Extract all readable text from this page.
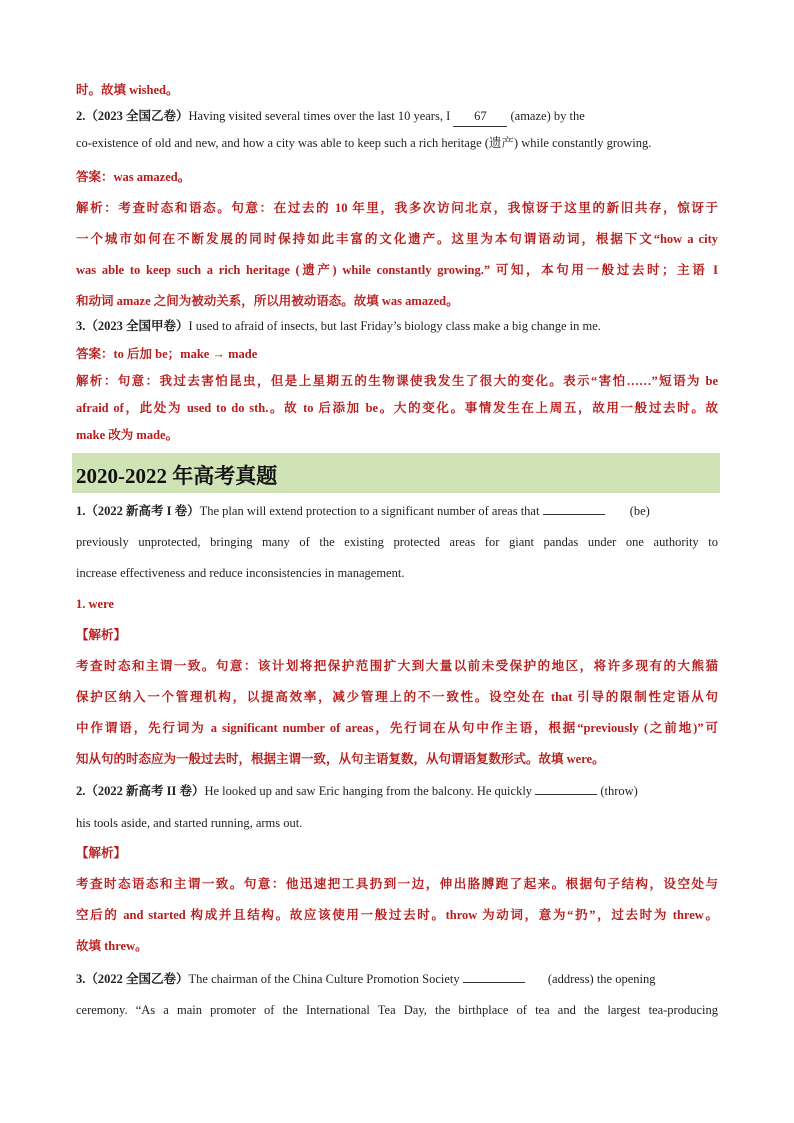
时。故填 wished。
2.（2023 全国乙卷）Having visited several times over the last 10 years, I 67 (amaze) by the
co-existence of old and new, and how a city was able to keep such a rich heritage (遗产) while constantly growing.
答案：was amazed。
解析：考查时态和语态。句意：在过去的 10 年里，我多次访问北京，我惊讶于这里的新旧共存，惊讶于
一个城市如何在不断发展的同时保持如此丰富的文化遗产。这里为本句谓语动词，根据下文“how a city
was able to keep such a rich heritage (遗产) while constantly growing.” 可知，本句用一般过去时；主语 I
和动词 amaze 之间为被动关系，所以用被动语态。故填 was amazed。
3.（2023 全国甲卷）I used to afraid of insects, but last Friday’s biology class make a big change in me.
答案：to 后加 be；make → made
解析：句意：我过去害怕昆虫，但是上星期五的生物课使我发生了很大的变化。表示“害怕……”短语为 be
afraid of，此处为 used to do sth.。故 to 后添加 be。大的变化。事情发生在上周五，故用一般过去时。故
make 改为 made。
2020-2022 年高考真题
1.（2022 新高考 I 卷）The plan will extend protection to a significant number of areas that	(be)
previously unprotected, bringing many of the existing protected areas for giant pandas under one authority to
increase effectiveness and reduce inconsistencies in management.
1. were
【解析】
考查时态和主谓一致。句意：该计划将把保护范围扩大到大量以前未受保护的地区，将许多现有的大熊猫
保护区纳入一个管理机构，以提高效率，减少管理上的不一致性。设空处在 that 引导的限制性定语从句
中作谓语，先行词为 a significant number of areas，先行词在从句中作主语，根据“previously (之前地)”可
知从句的时态应为一般过去时，根据主谓一致，从句主语复数，从句谓语复数形式。故填 were。
2.（2022 新高考 II 卷）He looked up and saw Eric hanging from the balcony. He quickly	(throw)
his tools aside, and started running, arms out.
【解析】
考查时态语态和主谓一致。句意：他迅速把工具扔到一边，伸出胳膊跑了起来。根据句子结构，设空处与
空后的 and started 构成并且结构。故应该使用一般过去时。throw 为动词，意为“扔”，过去时为 threw。
故填 threw。
3.（2022 全国乙卷）The chairman of the China Culture Promotion Society	(address) the opening
ceremony. “As a main promoter of the International Tea Day, the birthplace of tea and the largest tea-producing
